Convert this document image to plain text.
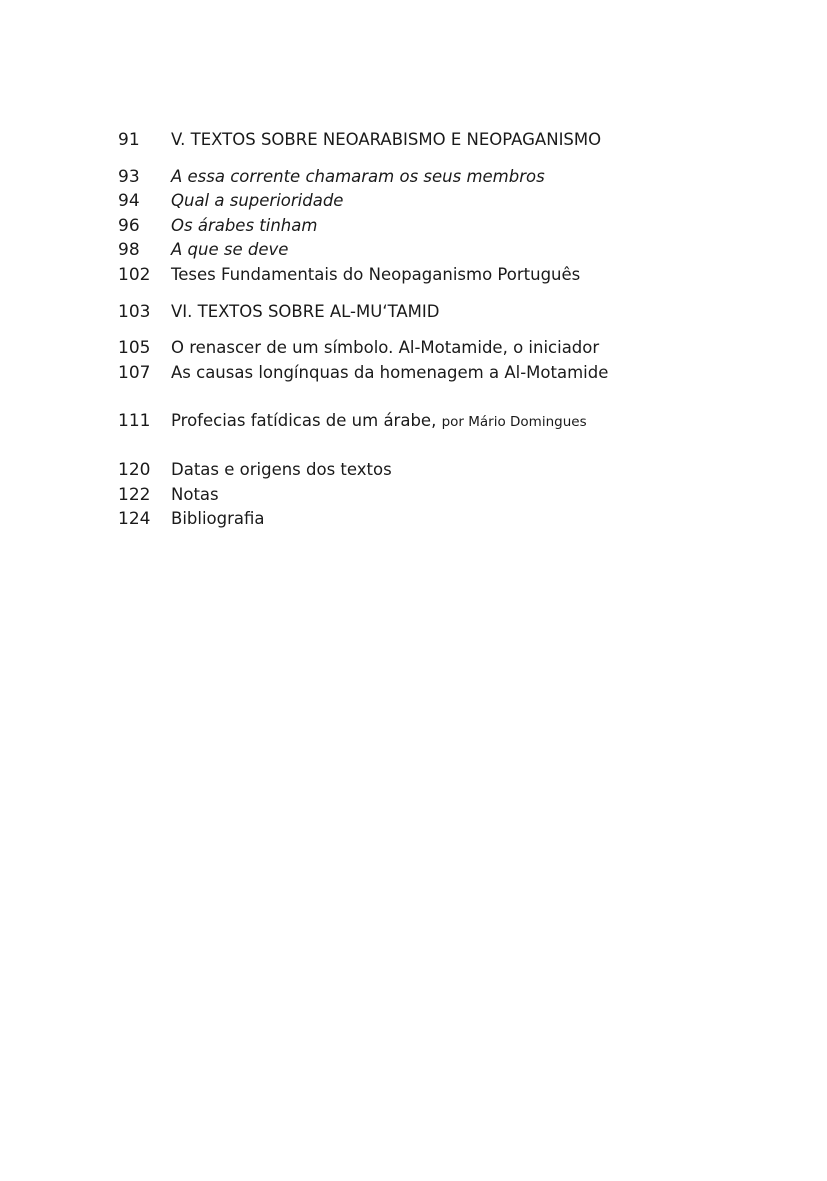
91	V. TEXTOS SOBRE NEOARABISMO E NEOPAGANISMO
93	A essa corrente chamaram os seus membros
94	Qual a superioridade
96	Os árabes tinham
98	A que se deve
102	Teses Fundamentais do Neopaganismo Português
103	VI. TEXTOS SOBRE AL-MU‘TAMID
105	O renascer de um símbolo. Al-Motamide, o iniciador
107	As causas longínquas da homenagem a Al-Motamide
111	Profecias fatídicas de um árabe, por Mário Domingues
120	Datas e origens dos textos
122	Notas
124	Bibliografia
